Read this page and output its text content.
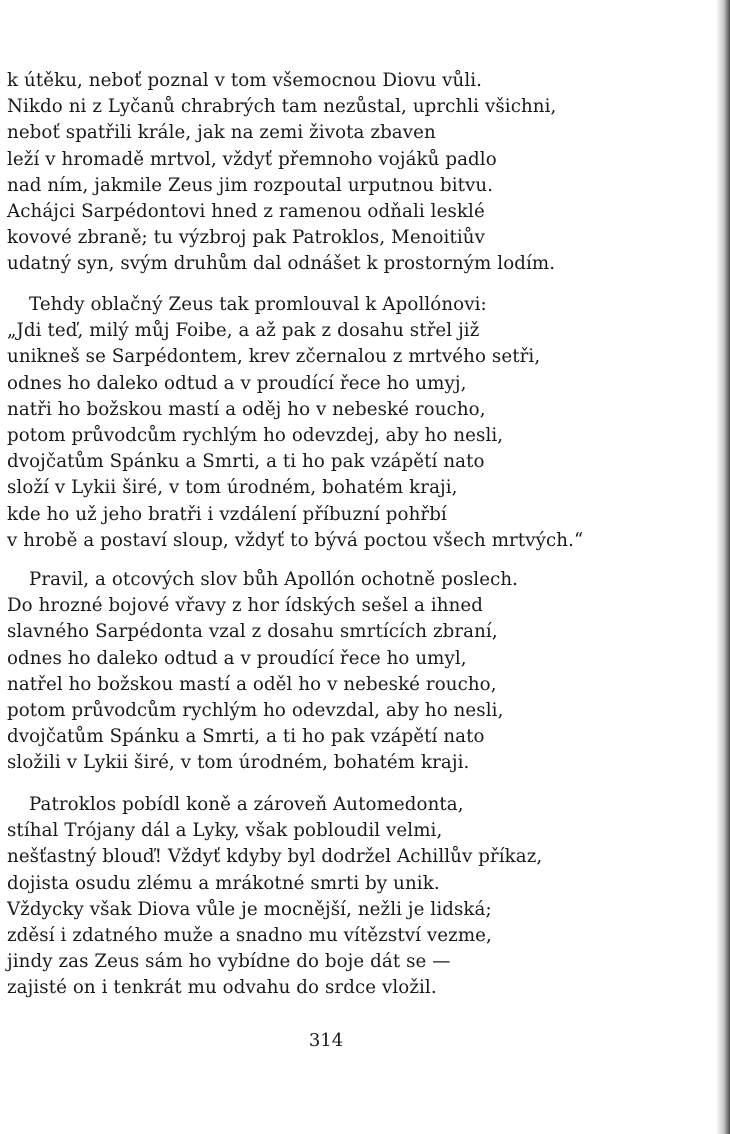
k útěku, neboť poznal v tom všemocnou Diovu vůli.
Nikdo ni z Lyčanů chrabrých tam nezůstal, uprchli všichni,
neboť spatřili krále, jak na zemi života zbaven
leží v hromadě mrtvol, vždyť přemnoho vojáků padlo
nad ním, jakmile Zeus jim rozpoutal urputnou bitvu.
Acháјci Sarpédontovi hned z ramenou odňali lesklé
kovové zbraně; tu výzbroj pak Patroklos, Menoitiův
udatný syn, svým druhům dal odnášet k prostorným lodím.
Tehdy oblačný Zeus tak promlouval k Apollónovi:
„Jdi teď, milý můj Foibe, a až pak z dosahu střel již
unikneš se Sarpédontem, krev zčernalou z mrtvého setři,
odnes ho daleko odtud a v proudící řece ho umyj,
natři ho božskou mastí a oděj ho v nebeské roucho,
potom průvodcům rychlým ho odevzdej, aby ho nesli,
dvojčatům Spánku a Smrti, a ti ho pak vzápětí nato
složí v Lykii širé, v tom úrodném, bohatém kraji,
kde ho už jeho bratři i vzdálení příbuzní pohřbí
v hrobě a postaví sloup, vždyť to bývá poctou všech mrtvých.“
Pravil, a otcových slov bůh Apollón ochotně poslech.
Do hrozné bojové vřavy z hor ídských sešel a ihned
slavného Sarpédonta vzal z dosahu smrtících zbraní,
odnes ho daleko odtud a v proudící řece ho umyl,
natřel ho božskou mastí a oděl ho v nebeské roucho,
potom průvodcům rychlým ho odevzdal, aby ho nesli,
dvojčatům Spánku a Smrti, a ti ho pak vzápětí nato
složili v Lykii širé, v tom úrodném, bohatém kraji.
Patroklos pobídl koně a zároveň Automedonta,
stíhal Trójany dál a Lyky, však pobloudil velmi,
nešťastný blouď! Vždyť kdyby byl dodržel Achillův příkaz,
dojista osudu zlému a mrákotné smrti by unik.
Vždycky však Diova vůle je mocnější, nežli je lidská;
zděsí i zdatného muže a snadno mu vítězství vezme,
jindy zas Zeus sám ho vybídne do boje dát se —
zajisté on i tenkrát mu odvahu do srdce vložil.
314
